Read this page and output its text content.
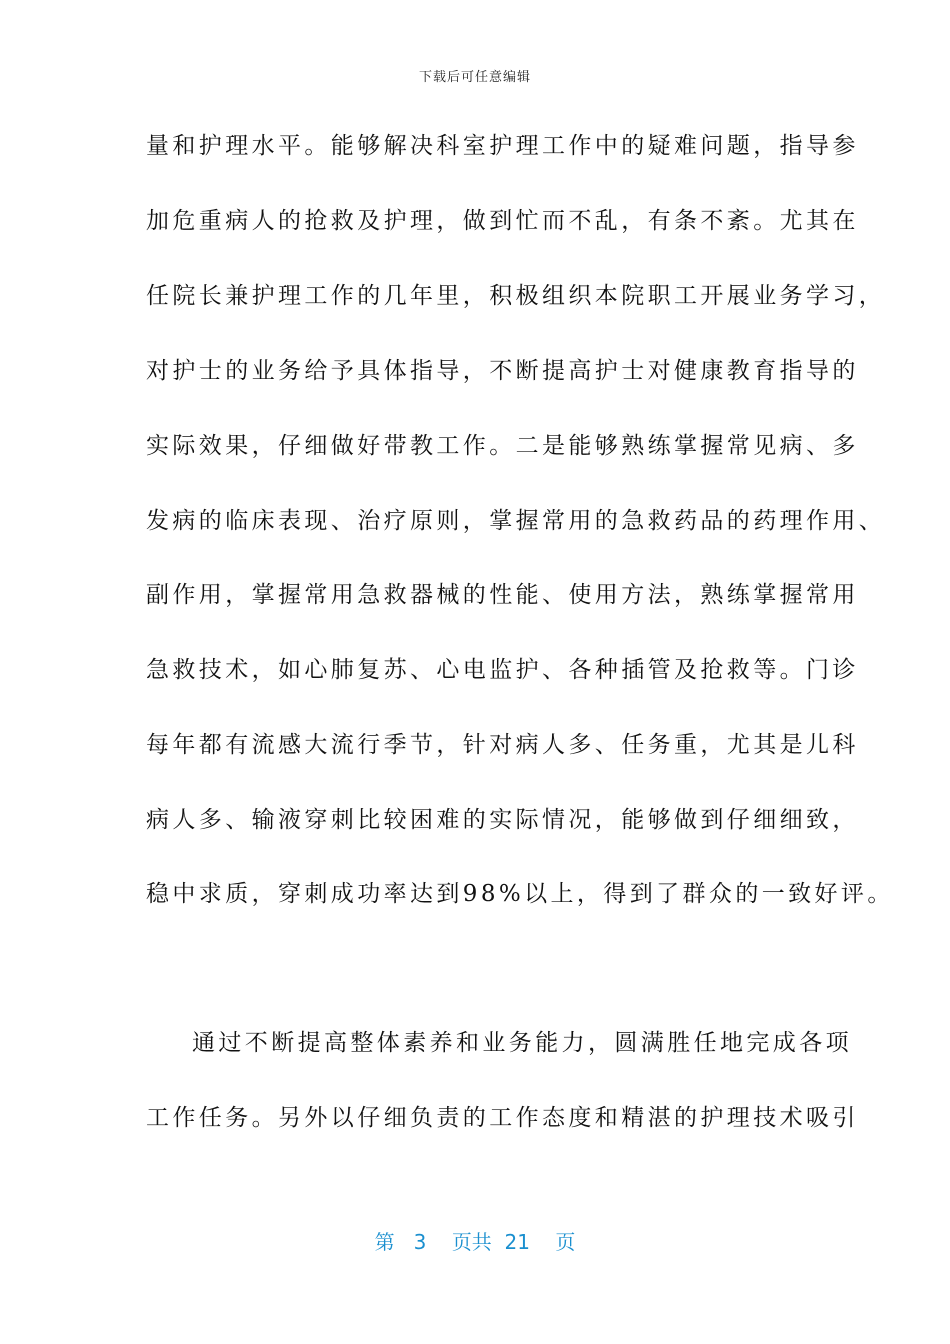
下载后可任意编辑
量和护理水平。能够解决科室护理工作中的疑难问题，指导参
加危重病人的抢救及护理，做到忙而不乱，有条不紊。尤其在
任院长兼护理工作的几年里，积极组织本院职工开展业务学习，
对护士的业务给予具体指导，不断提高护士对健康教育指导的
实际效果，仔细做好带教工作。二是能够熟练掌握常见病、多
发病的临床表现、治疗原则，掌握常用的急救药品的药理作用、
副作用，掌握常用急救器械的性能、使用方法，熟练掌握常用
急救技术，如心肺复苏、心电监护、各种插管及抢救等。门诊
每年都有流感大流行季节，针对病人多、任务重，尤其是儿科
病人多、输液穿刺比较困难的实际情况，能够做到仔细细致，
稳中求质，穿刺成功率达到98%以上，得到了群众的一致好评。
通过不断提高整体素养和业务能力，圆满胜任地完成各项
工作任务。另外以仔细负责的工作态度和精湛的护理技术吸引
第 3 页共 21 页
